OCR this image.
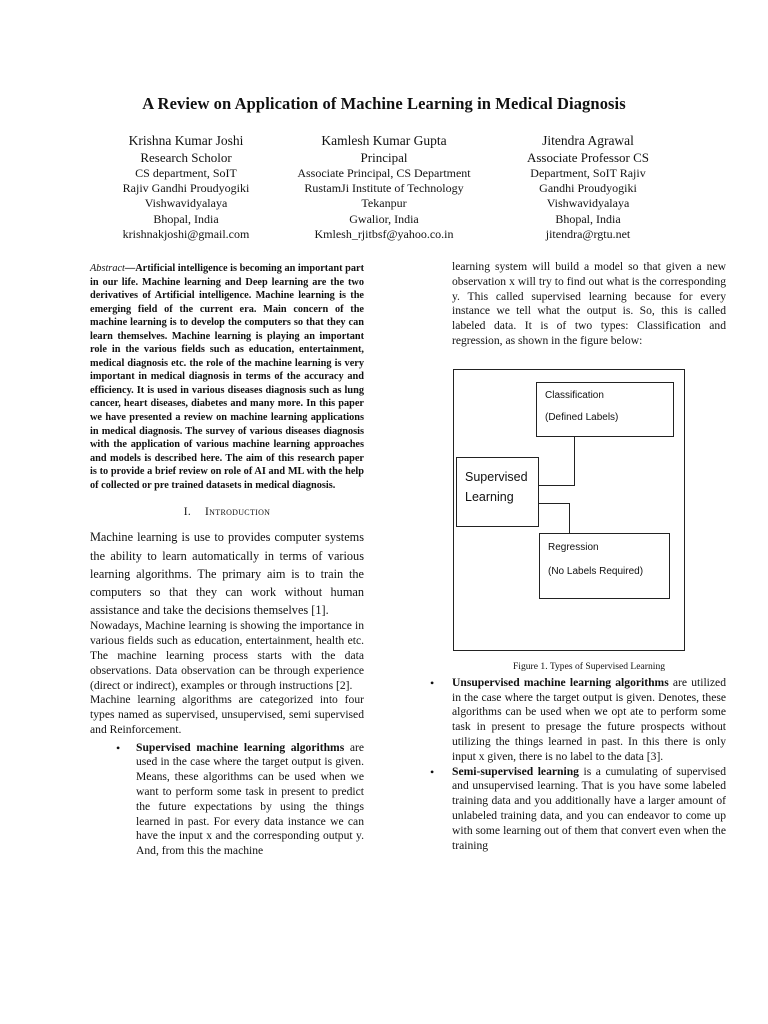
A Review on Application of Machine Learning in Medical Diagnosis
Krishna Kumar Joshi
Research Scholor
CS department, SoIT
Rajiv Gandhi Proudyogiki
Vishwavidyalaya
Bhopal, India
krishnakjoshi@gmail.com
Kamlesh Kumar Gupta
Principal
Associate Principal, CS Department
RustamJi Institute of Technology
Tekanpur
Gwalior, India
Kmlesh_rjitbsf@yahoo.co.in
Jitendra Agrawal
Associate Professor CS
Department, SoIT Rajiv
Gandhi Proudyogiki
Vishwavidyalaya
Bhopal, India
jitendra@rgtu.net

Abstract—Artificial intelligence is becoming an important part in our life. Machine learning and Deep learning are the two derivatives of Artificial intelligence. Machine learning is the emerging field of the current era. Main concern of the machine learning is to develop the computers so that they can learn themselves. Machine learning is playing an important role in the various fields such as education, entertainment, medical diagnosis etc. the role of the machine learning is very important in medical diagnosis in terms of the accuracy and efficiency. It is used in various diseases diagnosis such as lung cancer, heart diseases, diabetes and many more. In this paper we have presented a review on machine learning applications in medical diagnosis. The survey of various diseases diagnosis with the application of various machine learning approaches and models is described here. The aim of this research paper is to provide a brief review on role of AI and ML with the help of collected or pre trained datasets in medical diagnosis.

I. Introduction

Machine learning is use to provides computer systems the ability to learn automatically in terms of various learning algorithms. The primary aim is to train the computers so that they can work without human assistance and take the decisions themselves [1].

Nowadays, Machine learning is showing the importance in various fields such as education, entertainment, health etc. The machine learning process starts with the data observations. Data observation can be through experience (direct or indirect), examples or through instructions [2].

Machine learning algorithms are categorized into four types named as supervised, unsupervised, semi supervised and Reinforcement.

• Supervised machine learning algorithms are used in the case where the target output is given. Means, these algorithms can be used when we want to perform some task in present to predict the future expectations by using the things learned in past. For every data instance we can have the input x and the corresponding output y. And, from this the machine

learning system will build a model so that given a new observation x will try to find out what is the corresponding y. This called supervised learning because for every instance we tell what the output is. So, this is called labeled data. It is of two types: Classification and regression, as shown in the figure below:

Classification
(Defined Labels)
Supervised
Learning
Regression
(No Labels Required)
Figure 1. Types of Supervised Learning
• Unsupervised machine learning algorithms are utilized in the case where the target output is given. Denotes, these algorithms can be used when we opt ate to perform some task in present to presage the future prospects without utilizing the things learned in past. In this there is only input x given, there is no label to the data [3].
• Semi-supervised learning is a cumulating of supervised and unsupervised learning. That is you have some labeled training data and you additionally have a larger amount of unlabeled training data, and you can endeavor to come up with some learning out of them that convert even when the training
